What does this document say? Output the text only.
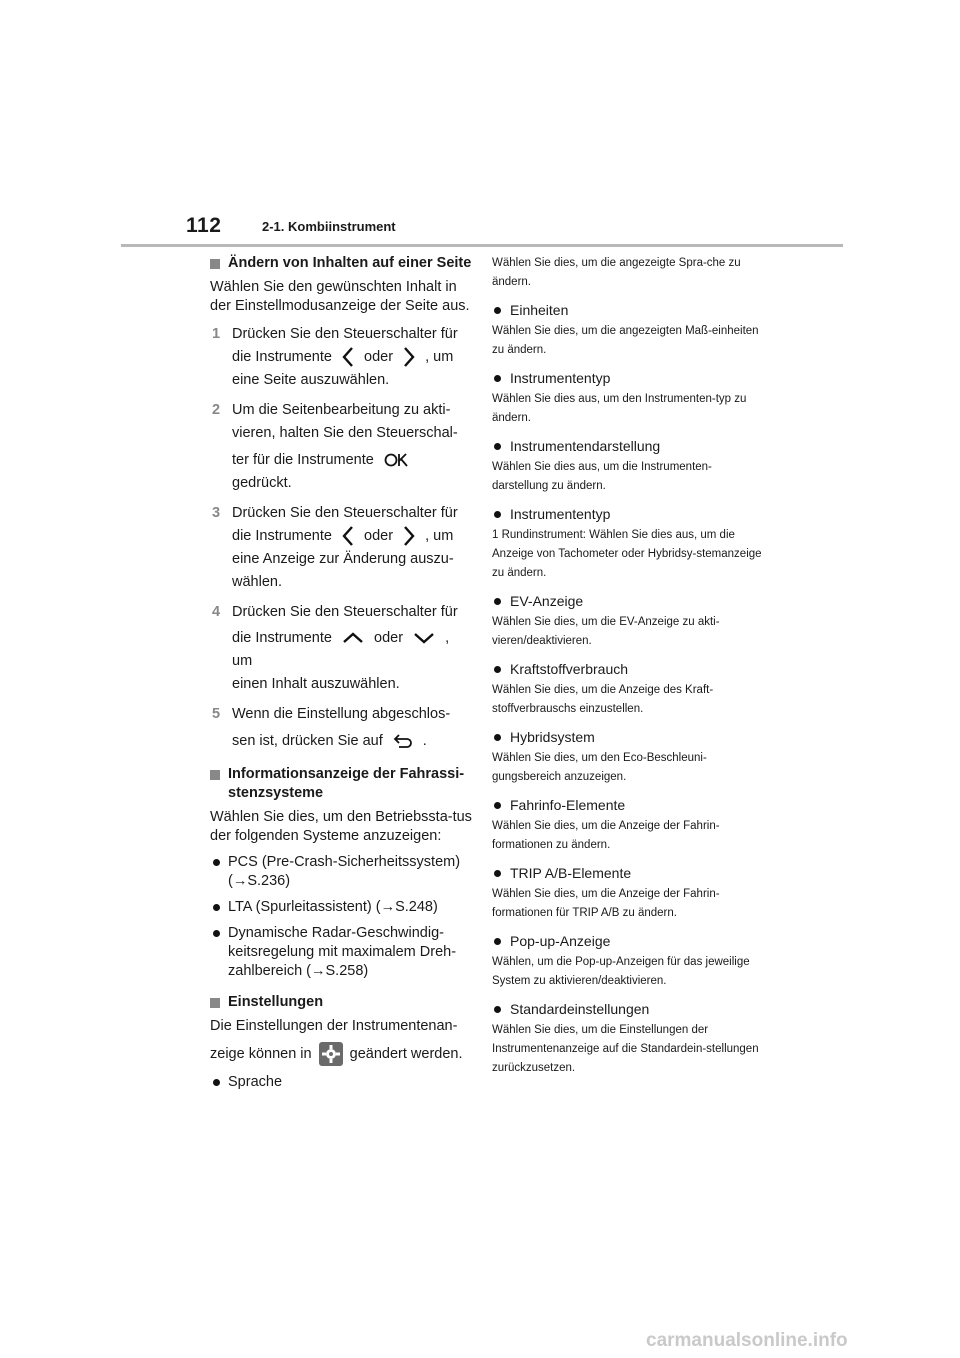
112	2-1. Kombiinstrument
Ändern von Inhalten auf einer Seite
Wählen Sie den gewünschten Inhalt in der Einstellmodusanzeige der Seite aus.
1 Drücken Sie den Steuerschalter für
die Instrumente oder , um
eine Seite auszuwählen.
2 Um die Seitenbearbeitung zu akti-
vieren, halten Sie den Steuerschal-
ter für die Instrumente
gedrückt.
3 Drücken Sie den Steuerschalter für
die Instrumente oder , um
eine Anzeige zur Änderung auszu-
wählen.
4 Drücken Sie den Steuerschalter für
die Instrumente	oder	, um
einen Inhalt auszuwählen.
5 Wenn die Einstellung abgeschlos-
sen ist, drücken Sie auf	.
Informationsanzeige der Fahrassi-stenzsysteme
Wählen Sie dies, um den Betriebssta-tus der folgenden Systeme anzuzeigen:
PCS (Pre-Crash-Sicherheitssystem) (→S.236)
LTA (Spurleitassistent) (→S.248)
Dynamische Radar-Geschwindig-keitsregelung mit maximalem Dreh-zahlbereich (→S.258)
Einstellungen
Die Einstellungen der Instrumentenan-
zeige können in	geändert werden.
Sprache
Wählen Sie dies, um die angezeigte Spra-che zu ändern.
Einheiten
Wählen Sie dies, um die angezeigten Maß-einheiten zu ändern.
Instrumententyp
Wählen Sie dies aus, um den Instrumenten-typ zu ändern.
Instrumentendarstellung
Wählen Sie dies aus, um die Instrumenten-darstellung zu ändern.
Instrumententyp
1 Rundinstrument: Wählen Sie dies aus, um die Anzeige von Tachometer oder Hybridsy-stemanzeige zu ändern.
EV-Anzeige
Wählen Sie dies, um die EV-Anzeige zu akti-vieren/deaktivieren.
Kraftstoffverbrauch
Wählen Sie dies, um die Anzeige des Kraft-stoffverbrauschs einzustellen.
Hybridsystem
Wählen Sie dies, um den Eco-Beschleuni-gungsbereich anzuzeigen.
Fahrinfo-Elemente
Wählen Sie dies, um die Anzeige der Fahrin-formationen zu ändern.
TRIP A/B-Elemente
Wählen Sie dies, um die Anzeige der Fahrin-formationen für TRIP A/B zu ändern.
Pop-up-Anzeige
Wählen, um die Pop-up-Anzeigen für das jeweilige System zu aktivieren/deaktivieren.
Standardeinstellungen
Wählen Sie dies, um die Einstellungen der Instrumentenanzeige auf die Standardein-stellungen zurückzusetzen.
carmanualsonline.info
